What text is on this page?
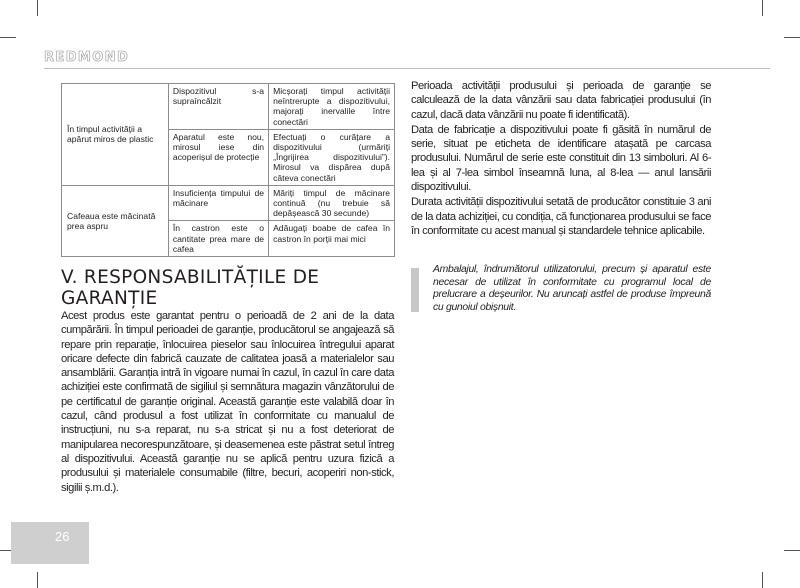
REDMOND
În timpul activității a apărut miros de plastic	Dispozitivul s-a supraîncălzit	Micșorați timpul activității neîntrerupte a dispozitivului, majorați inervalile între conectări
	Aparatul este nou, mirosul iese din acoperișul de protecție	Efectuați o curățare a dispozitivului (urmăriți „Îngrijirea dispozitivului”). Mirosul va dispărea după câteva conectări
Cafeaua este măcinată prea aspru	Insuficiența timpului de măcinare	Măriți timpul de măcinare continuă (nu trebuie să depășească 30 secunde)
	În castron este o cantitate prea mare de cafea	Adăugați boabe de cafea în castron în porții mai mici
V. RESPONSABILITĂȚILE DE GARANȚIE

Acest produs este garantat pentru o perioadă de 2 ani de la data cumpărării. În timpul perioadei de garanție, producătorul se angajează să repare prin reparație, înlocuirea pieselor sau înlocuirea întregului aparat oricare defecte din fabrică cauzate de calitatea joasă a materialelor sau ansamblării. Garanția intră în vigoare numai în cazul, în cazul în care data achiziției este confirmată de sigiliul și semnătura magazin vânzătorului de pe certificatul de garanție original. Această garanție este valabilă doar în cazul, când produsul a fost utilizat în conformitate cu manualul de instrucțiuni, nu s-a reparat, nu s-a stricat și nu a fost deteriorat de manipularea necorespunzătoare, și deasemenea este păstrat setul întreg al dispozitivului. Această garanție nu se aplică pentru uzura fizică a produsului și materialele consumabile (filtre, becuri, acoperiri non-stick, sigilii ș.m.d.).

Perioada activității produsului și perioada de garanție se calculează de la data vânzării sau data fabricației produsului (în cazul, dacă data vânzării nu poate fi identificată).

Data de fabricație a dispozitivului poate fi găsită în numărul de serie, situat pe eticheta de identificare atașată pe carcasa produsului. Numărul de serie este constituit din 13 simboluri. Al 6-lea și al 7-lea simbol înseamnă luna, al 8-lea — anul lansării dispozitivului.

Durata activității dispozitivului setată de producător constituie 3 ani de la data achiziției, cu condiția, că funcționarea produsului se face în conformitate cu acest manual și standardele tehnice aplicabile.

Ambalajul, îndrumătorul utilizatorului, precum și aparatul este necesar de utilizat în conformitate cu programul local de prelucrare a deșeurilor. Nu aruncați astfel de produse împreună cu gunoiul obișnuit.

26
